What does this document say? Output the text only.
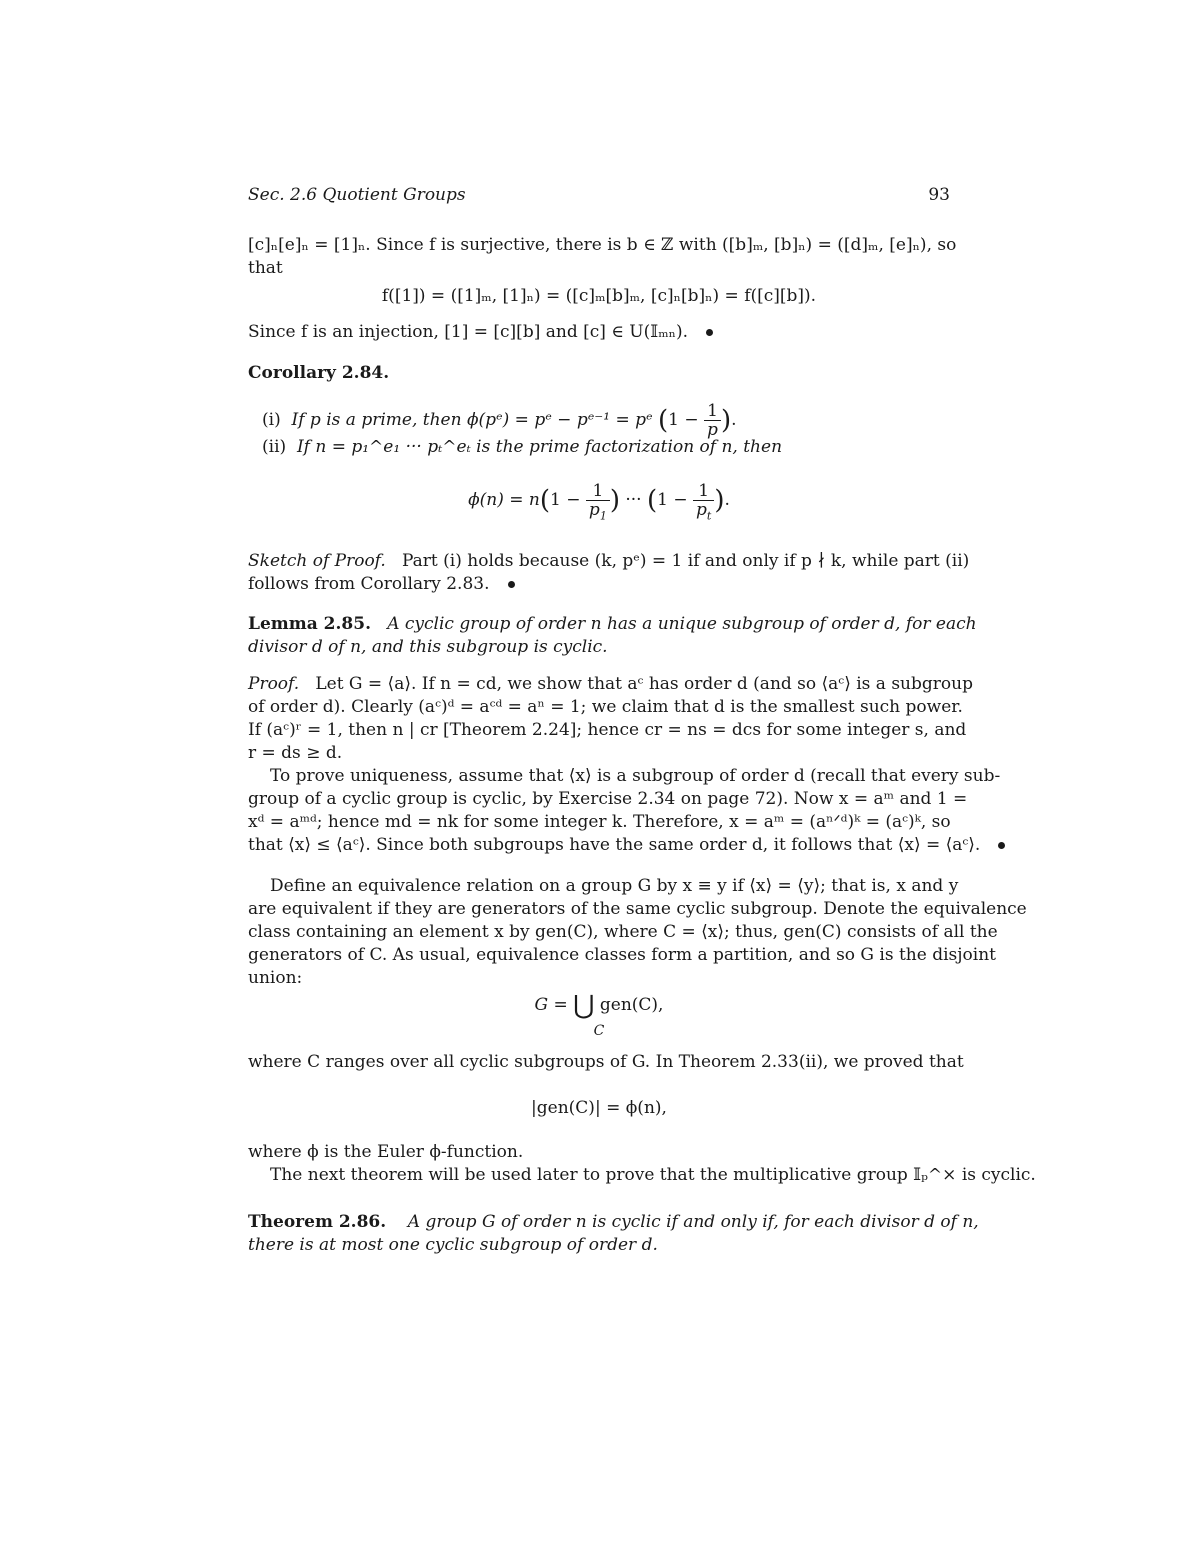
Sec. 2.6 Quotient Groups	93
[c]ₙ[e]ₙ = [1]ₙ. Since f is surjective, there is b ∈ ℤ with ([b]ₘ, [b]ₙ) = ([d]ₘ, [e]ₙ), so
that
f([1]) = ([1]ₘ, [1]ₙ) = ([c]ₘ[b]ₘ, [c]ₙ[b]ₙ) = f([c][b]).
Since f is an injection, [1] = [c][b] and [c] ∈ U(𝕀ₘₙ).
Corollary 2.84.
(i) If p is a prime, then ϕ(pᵉ) = pᵉ − pᵉ⁻¹ = pᵉ ($1 - \frac{1}{p}$ ).
(ii) If n = p₁^e₁ ··· pₜ^eₜ is the prime factorization of n, then
$\phi(n) = n(1 - \frac{1}{p_1}$ ) ··· ($1 - \frac{1}{p_t}$ ).
Sketch of Proof. Part (i) holds because (k, pᵉ) = 1 if and only if p ∤ k, while part (ii)
follows from Corollary 2.83.
Lemma 2.85. A cyclic group of order n has a unique subgroup of order d, for each
divisor d of n, and this subgroup is cyclic.
Proof. Let G = ⟨a⟩. If n = cd, we show that aᶜ has order d (and so ⟨aᶜ⟩ is a subgroup
of order d). Clearly (aᶜ)ᵈ = aᶜᵈ = aⁿ = 1; we claim that d is the smallest such power.
If (aᶜ)ʳ = 1, then n | cr [Theorem 2.24]; hence cr = ns = dcs for some integer s, and
r = ds ≥ d.
To prove uniqueness, assume that ⟨x⟩ is a subgroup of order d (recall that every sub-
group of a cyclic group is cyclic, by Exercise 2.34 on page 72). Now x = aᵐ and 1 =
xᵈ = aᵐᵈ; hence md = nk for some integer k. Therefore, x = aᵐ = (aⁿᐟᵈ)ᵏ = (aᶜ)ᵏ, so
that ⟨x⟩ ≤ ⟨aᶜ⟩. Since both subgroups have the same order d, it follows that ⟨x⟩ = ⟨aᶜ⟩.
Define an equivalence relation on a group G by x ≡ y if ⟨x⟩ = ⟨y⟩; that is, x and y
are equivalent if they are generators of the same cyclic subgroup. Denote the equivalence
class containing an element x by gen(C), where C = ⟨x⟩; thus, gen(C) consists of all the
generators of C. As usual, equivalence classes form a partition, and so G is the disjoint
union:
G = ⋃ gen(C),
C
where C ranges over all cyclic subgroups of G. In Theorem 2.33(ii), we proved that
|gen(C)| = ϕ(n),
where ϕ is the Euler ϕ-function.
The next theorem will be used later to prove that the multiplicative group 𝕀ₚ^× is cyclic.
Theorem 2.86. A group G of order n is cyclic if and only if, for each divisor d of n,
there is at most one cyclic subgroup of order d.
